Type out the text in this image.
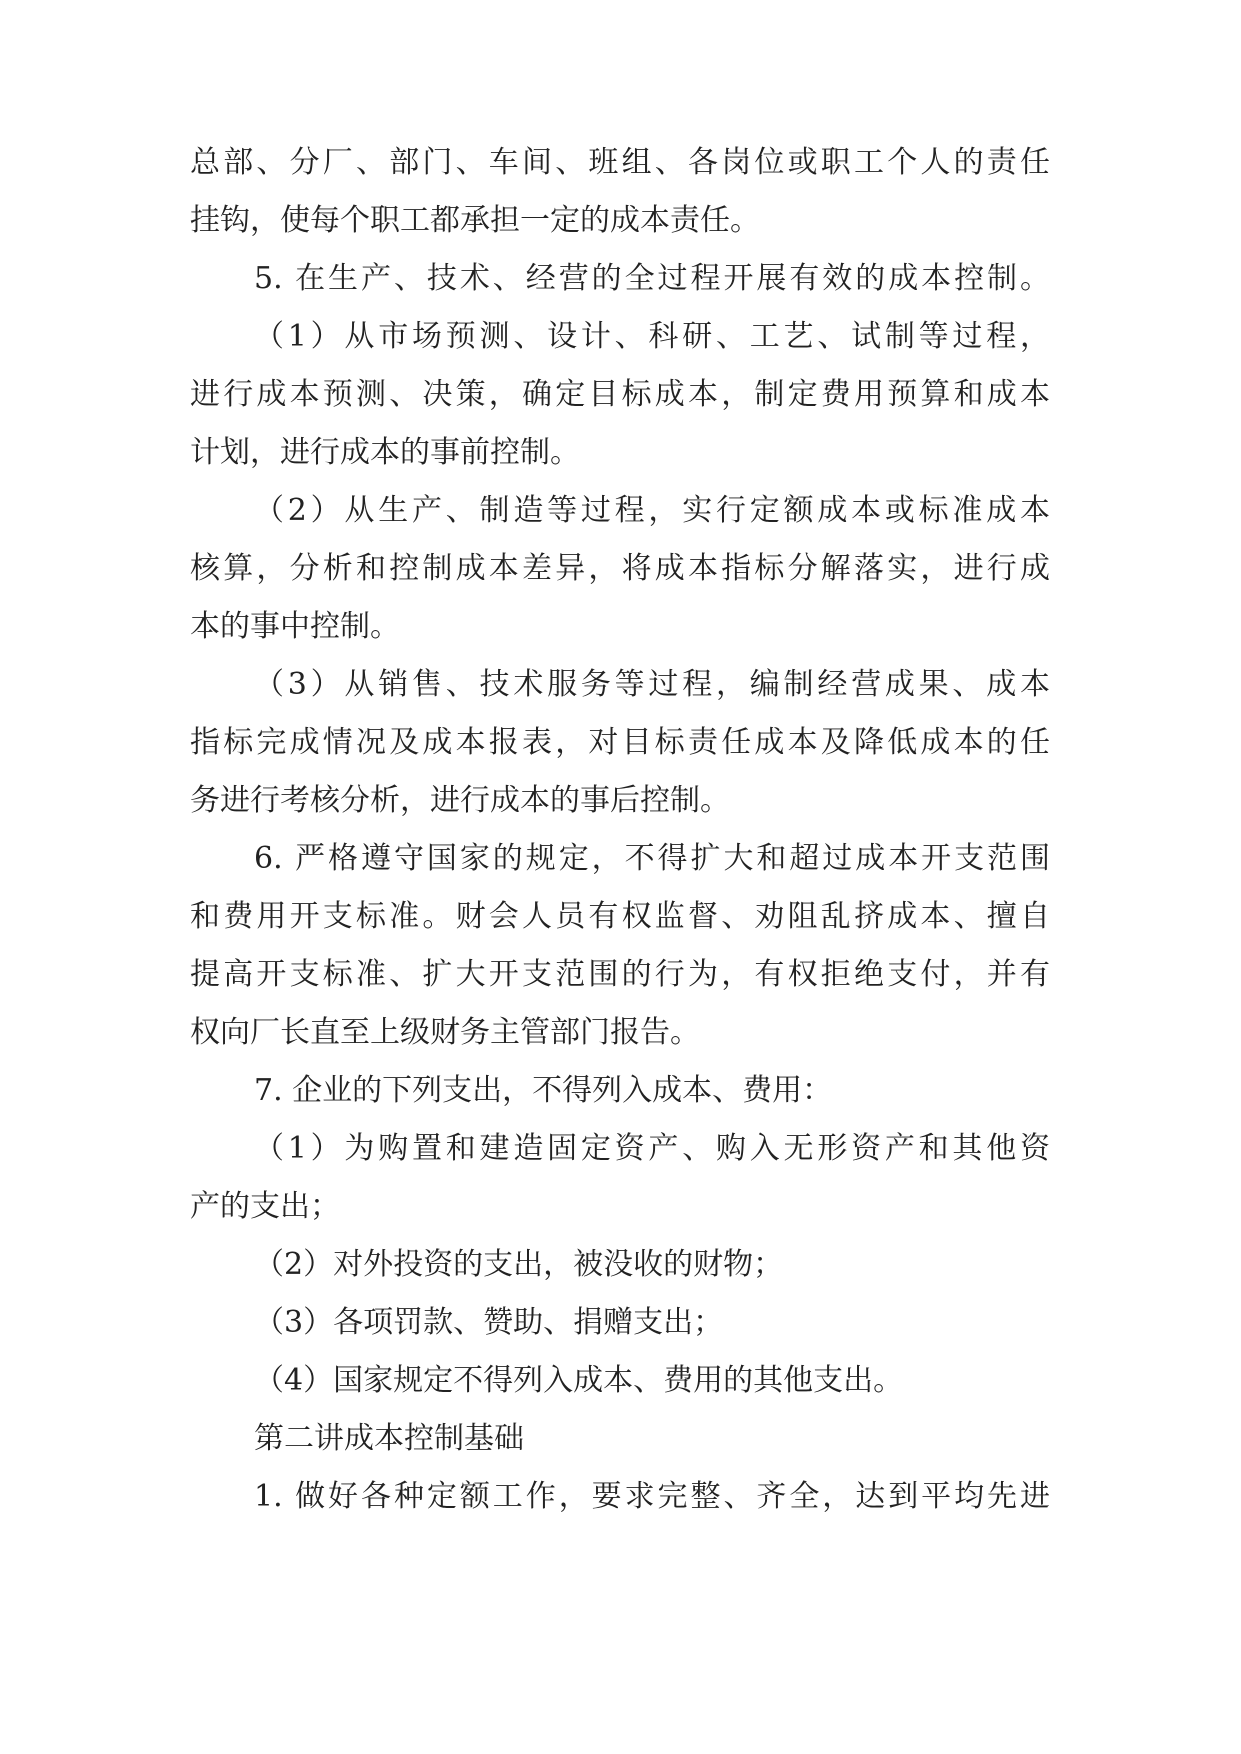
总部、分厂、部门、车间、班组、各岗位或职工个人的责任
挂钩，使每个职工都承担一定的成本责任。
5. 在生产、技术、经营的全过程开展有效的成本控制。
（1）从市场预测、设计、科研、工艺、试制等过程，
进行成本预测、决策，确定目标成本，制定费用预算和成本
计划，进行成本的事前控制。
（2）从生产、制造等过程，实行定额成本或标准成本
核算，分析和控制成本差异，将成本指标分解落实，进行成
本的事中控制。
（3）从销售、技术服务等过程，编制经营成果、成本
指标完成情况及成本报表，对目标责任成本及降低成本的任
务进行考核分析，进行成本的事后控制。
6. 严格遵守国家的规定，不得扩大和超过成本开支范围
和费用开支标准。财会人员有权监督、劝阻乱挤成本、擅自
提高开支标准、扩大开支范围的行为，有权拒绝支付，并有
权向厂长直至上级财务主管部门报告。
7. 企业的下列支出，不得列入成本、费用：
（1）为购置和建造固定资产、购入无形资产和其他资
产的支出；
（2）对外投资的支出，被没收的财物；
（3）各项罚款、赞助、捐赠支出；
（4）国家规定不得列入成本、费用的其他支出。
第二讲成本控制基础
1. 做好各种定额工作，要求完整、齐全，达到平均先进
